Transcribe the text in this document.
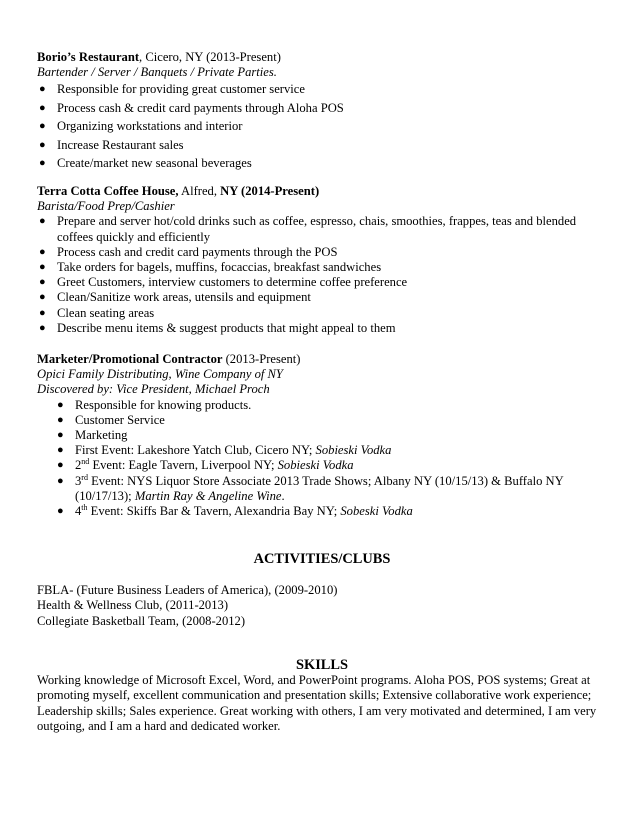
Borio’s Restaurant, Cicero, NY (2013-Present)

Bartender / Server / Banquets / Private Parties.

● Responsible for providing great customer service
● Process cash & credit card payments through Aloha POS
● Organizing workstations and interior
● Increase Restaurant sales
● Create/market new seasonal beverages

Terra Cotta Coffee House, Alfred, NY (2014-Present)

Barista/Food Prep/Cashier

● Prepare and server hot/cold drinks such as coffee, espresso, chais, smoothies, frappes, teas and blended coffees quickly and efficiently
● Process cash and credit card payments through the POS
● Take orders for bagels, muffins, focaccias, breakfast sandwiches
● Greet Customers, interview customers to determine coffee preference
● Clean/Sanitize work areas, utensils and equipment
● Clean seating areas
● Describe menu items & suggest products that might appeal to them

Marketer/Promotional Contractor (2013-Present)

Opici Family Distributing, Wine Company of NY

Discovered by: Vice President, Michael Proch

● Responsible for knowing products.
● Customer Service
● Marketing
● First Event: Lakeshore Yatch Club, Cicero NY; Sobieski Vodka
● 2nd Event: Eagle Tavern, Liverpool NY; Sobieski Vodka
● 3rd Event: NYS Liquor Store Associate 2013 Trade Shows; Albany NY (10/15/13) & Buffalo NY (10/17/13); Martin Ray & Angeline Wine.
● 4th Event: Skiffs Bar & Tavern, Alexandria Bay NY; Sobeski Vodka

ACTIVITIES/CLUBS

FBLA- (Future Business Leaders of America), (2009-2010)

Health & Wellness Club, (2011-2013)

Collegiate Basketball Team, (2008-2012)

SKILLS

Working knowledge of Microsoft Excel, Word, and PowerPoint programs. Aloha POS, POS systems; Great at promoting myself, excellent communication and presentation skills; Extensive collaborative work experience; Leadership skills; Sales experience. Great working with others, I am very motivated and determined, I am very outgoing, and I am a hard and dedicated worker.
